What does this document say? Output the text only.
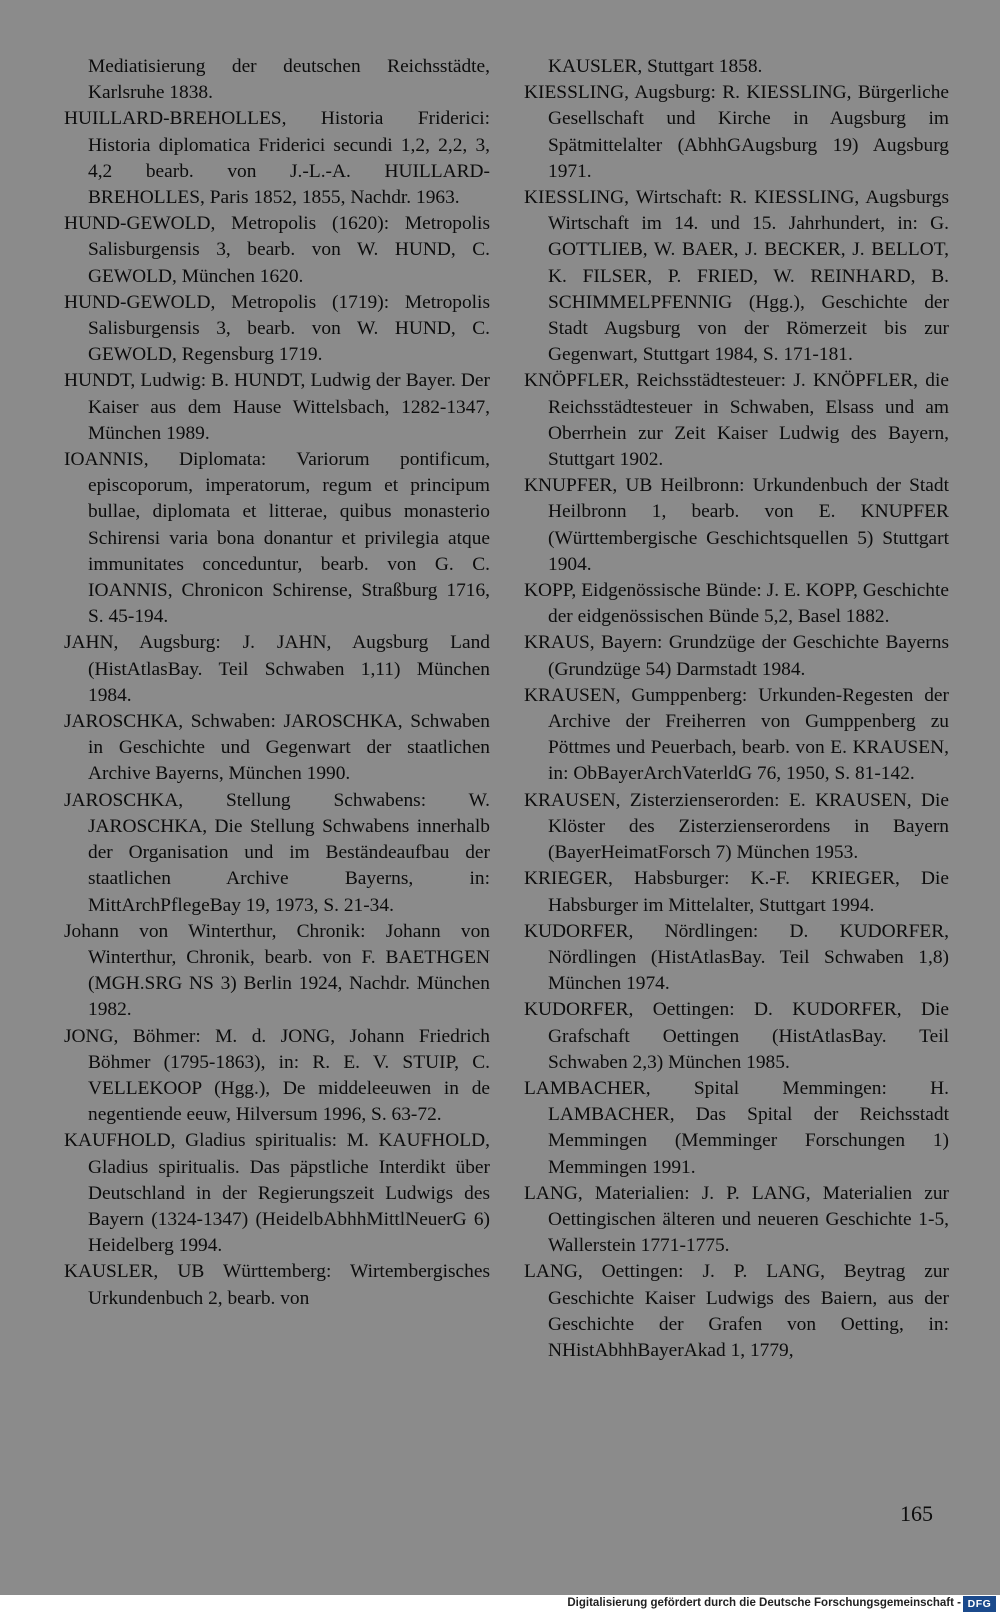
Mediatisierung der deutschen Reichsstädte, Karlsruhe 1838.

HUILLARD-BREHOLLES, Historia Friderici: Historia diplomatica Friderici secundi 1,2, 2,2, 3, 4,2 bearb. von J.-L.-A. HUILLARD-BREHOLLES, Paris 1852, 1855, Nachdr. 1963.

HUND-GEWOLD, Metropolis (1620): Metropolis Salisburgensis 3, bearb. von W. HUND, C. GEWOLD, München 1620.

HUND-GEWOLD, Metropolis (1719): Metropolis Salisburgensis 3, bearb. von W. HUND, C. GEWOLD, Regensburg 1719.

HUNDT, Ludwig: B. HUNDT, Ludwig der Bayer. Der Kaiser aus dem Hause Wittelsbach, 1282-1347, München 1989.

IOANNIS, Diplomata: Variorum pontificum, episcoporum, imperatorum, regum et principum bullae, diplomata et litterae, quibus monasterio Schirensi varia bona donantur et privilegia atque immunitates conceduntur, bearb. von G. C. IOANNIS, Chronicon Schirense, Straßburg 1716, S. 45-194.

JAHN, Augsburg: J. JAHN, Augsburg Land (HistAtlasBay. Teil Schwaben 1,11) München 1984.

JAROSCHKA, Schwaben: JAROSCHKA, Schwaben in Geschichte und Gegenwart der staatlichen Archive Bayerns, München 1990.

JAROSCHKA, Stellung Schwabens: W. JAROSCHKA, Die Stellung Schwabens innerhalb der Organisation und im Beständeaufbau der staatlichen Archive Bayerns, in: MittArchPflegeBay 19, 1973, S. 21-34.

Johann von Winterthur, Chronik: Johann von Winterthur, Chronik, bearb. von F. BAETHGEN (MGH.SRG NS 3) Berlin 1924, Nachdr. München 1982.

JONG, Böhmer: M. d. JONG, Johann Friedrich Böhmer (1795-1863), in: R. E. V. STUIP, C. VELLEKOOP (Hgg.), De middeleeuwen in de negentiende eeuw, Hilversum 1996, S. 63-72.

KAUFHOLD, Gladius spiritualis: M. KAUFHOLD, Gladius spiritualis. Das päpstliche Interdikt über Deutschland in der Regierungszeit Ludwigs des Bayern (1324-1347) (HeidelbAbhhMittlNeuerG 6) Heidelberg 1994.

KAUSLER, UB Württemberg: Wirtembergisches Urkundenbuch 2, bearb. von

KAUSLER, Stuttgart 1858.

KIESSLING, Augsburg: R. KIESSLING, Bürgerliche Gesellschaft und Kirche in Augsburg im Spätmittelalter (AbhhGAugsburg 19) Augsburg 1971.

KIESSLING, Wirtschaft: R. KIESSLING, Augsburgs Wirtschaft im 14. und 15. Jahrhundert, in: G. GOTTLIEB, W. BAER, J. BECKER, J. BELLOT, K. FILSER, P. FRIED, W. REINHARD, B. SCHIMMELPFENNIG (Hgg.), Geschichte der Stadt Augsburg von der Römerzeit bis zur Gegenwart, Stuttgart 1984, S. 171-181.

KNÖPFLER, Reichsstädtesteuer: J. KNÖPFLER, die Reichsstädtesteuer in Schwaben, Elsass und am Oberrhein zur Zeit Kaiser Ludwig des Bayern, Stuttgart 1902.

KNUPFER, UB Heilbronn: Urkundenbuch der Stadt Heilbronn 1, bearb. von E. KNUPFER (Württembergische Geschichtsquellen 5) Stuttgart 1904.

KOPP, Eidgenössische Bünde: J. E. KOPP, Geschichte der eidgenössischen Bünde 5,2, Basel 1882.

KRAUS, Bayern: Grundzüge der Geschichte Bayerns (Grundzüge 54) Darmstadt 1984.

KRAUSEN, Gumppenberg: Urkunden-Regesten der Archive der Freiherren von Gumppenberg zu Pöttmes und Peuerbach, bearb. von E. KRAUSEN, in: ObBayerArchVaterldG 76, 1950, S. 81-142.

KRAUSEN, Zisterzienserorden: E. KRAUSEN, Die Klöster des Zisterzienserordens in Bayern (BayerHeimatForsch 7) München 1953.

KRIEGER, Habsburger: K.-F. KRIEGER, Die Habsburger im Mittelalter, Stuttgart 1994.

KUDORFER, Nördlingen: D. KUDORFER, Nördlingen (HistAtlasBay. Teil Schwaben 1,8) München 1974.

KUDORFER, Oettingen: D. KUDORFER, Die Grafschaft Oettingen (HistAtlasBay. Teil Schwaben 2,3) München 1985.

LAMBACHER, Spital Memmingen: H. LAMBACHER, Das Spital der Reichsstadt Memmingen (Memminger Forschungen 1) Memmingen 1991.

LANG, Materialien: J. P. LANG, Materialien zur Oettingischen älteren und neueren Geschichte 1-5, Wallerstein 1771-1775.

LANG, Oettingen: J. P. LANG, Beytrag zur Geschichte Kaiser Ludwigs des Baiern, aus der Geschichte der Grafen von Oetting, in: NHistAbhhBayerAkad 1, 1779,

165
Digitalisierung gefördert durch die Deutsche Forschungsgemeinschaft - DFG
